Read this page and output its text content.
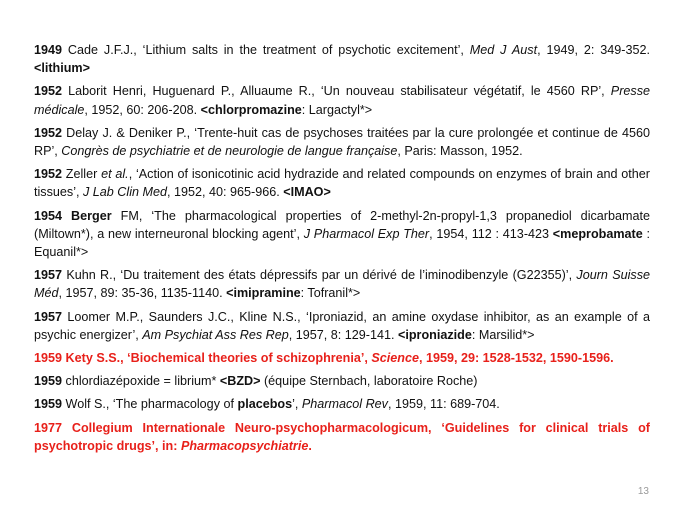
1949 Cade J.F.J., ‘Lithium salts in the treatment of psychotic excitement’, Med J Aust, 1949, 2: 349-352. <lithium>

1952 Laborit Henri, Huguenard P., Alluaume R., ‘Un nouveau stabilisateur végétatif, le 4560 RP’, Presse médicale, 1952, 60: 206-208. <chlorpromazine: Largactyl*>

1952 Delay J. & Deniker P., ‘Trente-huit cas de psychoses traitées par la cure prolongée et continue de 4560 RP’, Congrès de psychiatrie et de neurologie de langue française, Paris: Masson, 1952.

1952 Zeller et al., ‘Action of isonicotinic acid hydrazide and related compounds on enzymes of brain and other tissues’, J Lab Clin Med, 1952, 40: 965-966. <IMAO>

1954 Berger FM, ‘The pharmacological properties of 2-methyl-2n-propyl-1,3 propanediol dicarbamate (Miltown*), a new interneuronal blocking agent’, J Pharmacol Exp Ther, 1954, 112 : 413-423 <meprobamate : Equanil*>

1957 Kuhn R., ‘Du traitement des états dépressifs par un dérivé de l’iminodibenzyle (G22355)’, Journ Suisse Méd, 1957, 89: 35-36, 1135-1140. <imipramine: Tofranil*>

1957 Loomer M.P., Saunders J.C., Kline N.S., ‘Iproniazid, an amine oxydase inhibitor, as an example of a psychic energizer’, Am Psychiat Ass Res Rep, 1957, 8: 129-141. <iproniazide: Marsilid*>

1959 Kety S.S., ‘Biochemical theories of schizophrenia’, Science, 1959, 29: 1528-1532, 1590-1596.

1959 chlordiazépoxide = librium* <BZD> (équipe Sternbach, laboratoire Roche)

1959 Wolf S., ‘The pharmacology of placebos’, Pharmacol Rev, 1959, 11: 689-704.

1977 Collegium Internationale Neuro-psychopharmacologicum, ‘Guidelines for clinical trials of psychotropic drugs’, in: Pharmacopsychiatrie.

13
